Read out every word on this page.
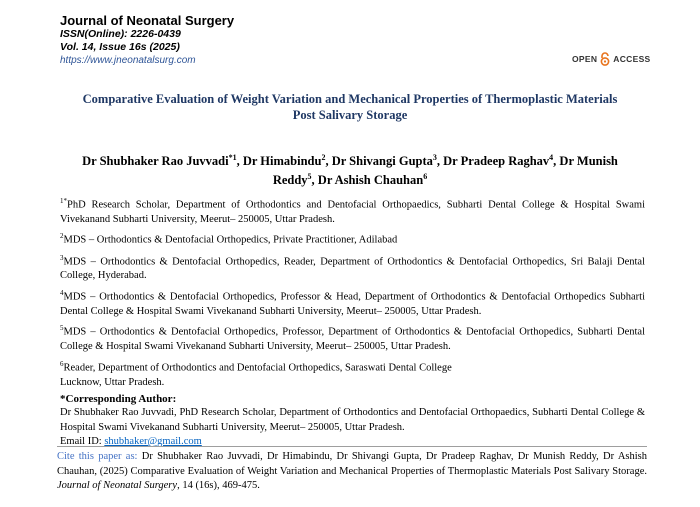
Journal of Neonatal Surgery
ISSN(Online): 2226-0439
Vol. 14, Issue 16s (2025)
https://www.jneonatalsurg.com	OPEN ACCESS
Comparative Evaluation of Weight Variation and Mechanical Properties of Thermoplastic Materials Post Salivary Storage
Dr Shubhaker Rao Juvvadi$^{*1}$, Dr Himabindu$^2$, Dr Shivangi Gupta$^3$, Dr Pradeep Raghav$^4$, Dr Munish Reddy$^5$, Dr Ashish Chauhan$^6$
$^{1*}$PhD Research Scholar, Department of Orthodontics and Dentofacial Orthopaedics, Subharti Dental College & Hospital Swami Vivekanand Subharti University, Meerut– 250005, Uttar Pradesh.
$^2$MDS – Orthodontics & Dentofacial Orthopedics, Private Practitioner, Adilabad
$^3$MDS – Orthodontics & Dentofacial Orthopedics, Reader, Department of Orthodontics & Dentofacial Orthopedics, Sri Balaji Dental College, Hyderabad.
$^4$MDS – Orthodontics & Dentofacial Orthopedics, Professor & Head, Department of Orthodontics & Dentofacial Orthopedics Subharti Dental College & Hospital Swami Vivekanand Subharti University, Meerut– 250005, Uttar Pradesh.
$^5$MDS – Orthodontics & Dentofacial Orthopedics, Professor, Department of Orthodontics & Dentofacial Orthopedics, Subharti Dental College & Hospital Swami Vivekanand Subharti University, Meerut– 250005, Uttar Pradesh.
$^6$Reader, Department of Orthodontics and Dentofacial Orthopedics, Saraswati Dental College
Lucknow, Uttar Pradesh.
*Corresponding Author:
Dr Shubhaker Rao Juvvadi, PhD Research Scholar, Department of Orthodontics and Dentofacial Orthopaedics, Subharti Dental College & Hospital Swami Vivekanand Subharti University, Meerut– 250005, Uttar Pradesh.
Email ID: shubhaker@gmail.com
Cite this paper as: Dr Shubhaker Rao Juvvadi, Dr Himabindu, Dr Shivangi Gupta, Dr Pradeep Raghav, Dr Munish Reddy, Dr Ashish Chauhan, (2025) Comparative Evaluation of Weight Variation and Mechanical Properties of Thermoplastic Materials Post Salivary Storage. Journal of Neonatal Surgery, 14 (16s), 469-475.
